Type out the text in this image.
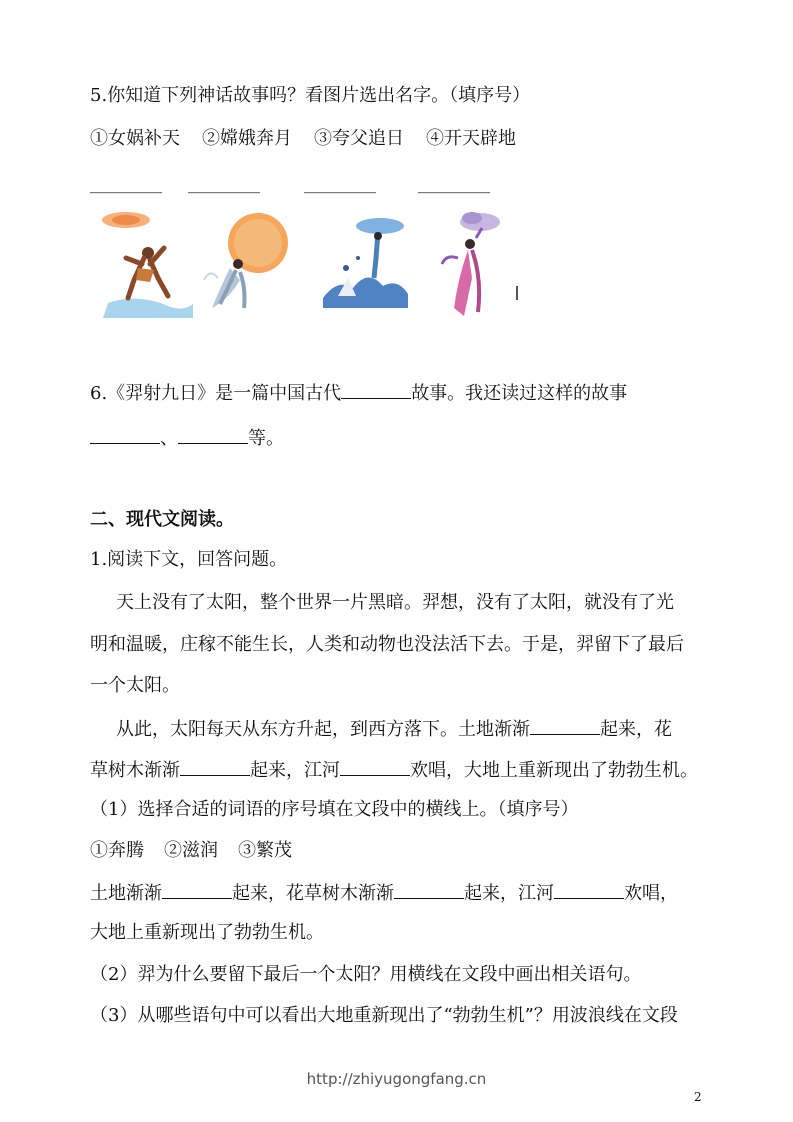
5.你知道下列神话故事吗？看图片选出名字。（填序号）
①女娲补天 ②嫦娥奔月 ③夸父追日 ④开天辟地
________ ________ ________ ________
6.《羿射九日》是一篇中国古代	故事。我还读过这样的故事
、	等。
二、现代文阅读。
1.阅读下文，回答问题。
天上没有了太阳，整个世界一片黑暗。羿想，没有了太阳，就没有了光
明和温暖，庄稼不能生长，人类和动物也没法活下去。于是，羿留下了最后
一个太阳。
从此，太阳每天从东方升起，到西方落下。土地渐渐	起来，花
草树木渐渐	起来，江河	欢唱，大地上重新现出了勃勃生机。
（1）选择合适的词语的序号填在文段中的横线上。（填序号）
①奔腾 ②滋润 ③繁茂
土地渐渐	起来，花草树木渐渐	起来，江河	欢唱，
大地上重新现出了勃勃生机。
（2）羿为什么要留下最后一个太阳？用横线在文段中画出相关语句。
（3）从哪些语句中可以看出大地重新现出了“勃勃生机”？用波浪线在文段
http://zhiyugongfang.cn
2
